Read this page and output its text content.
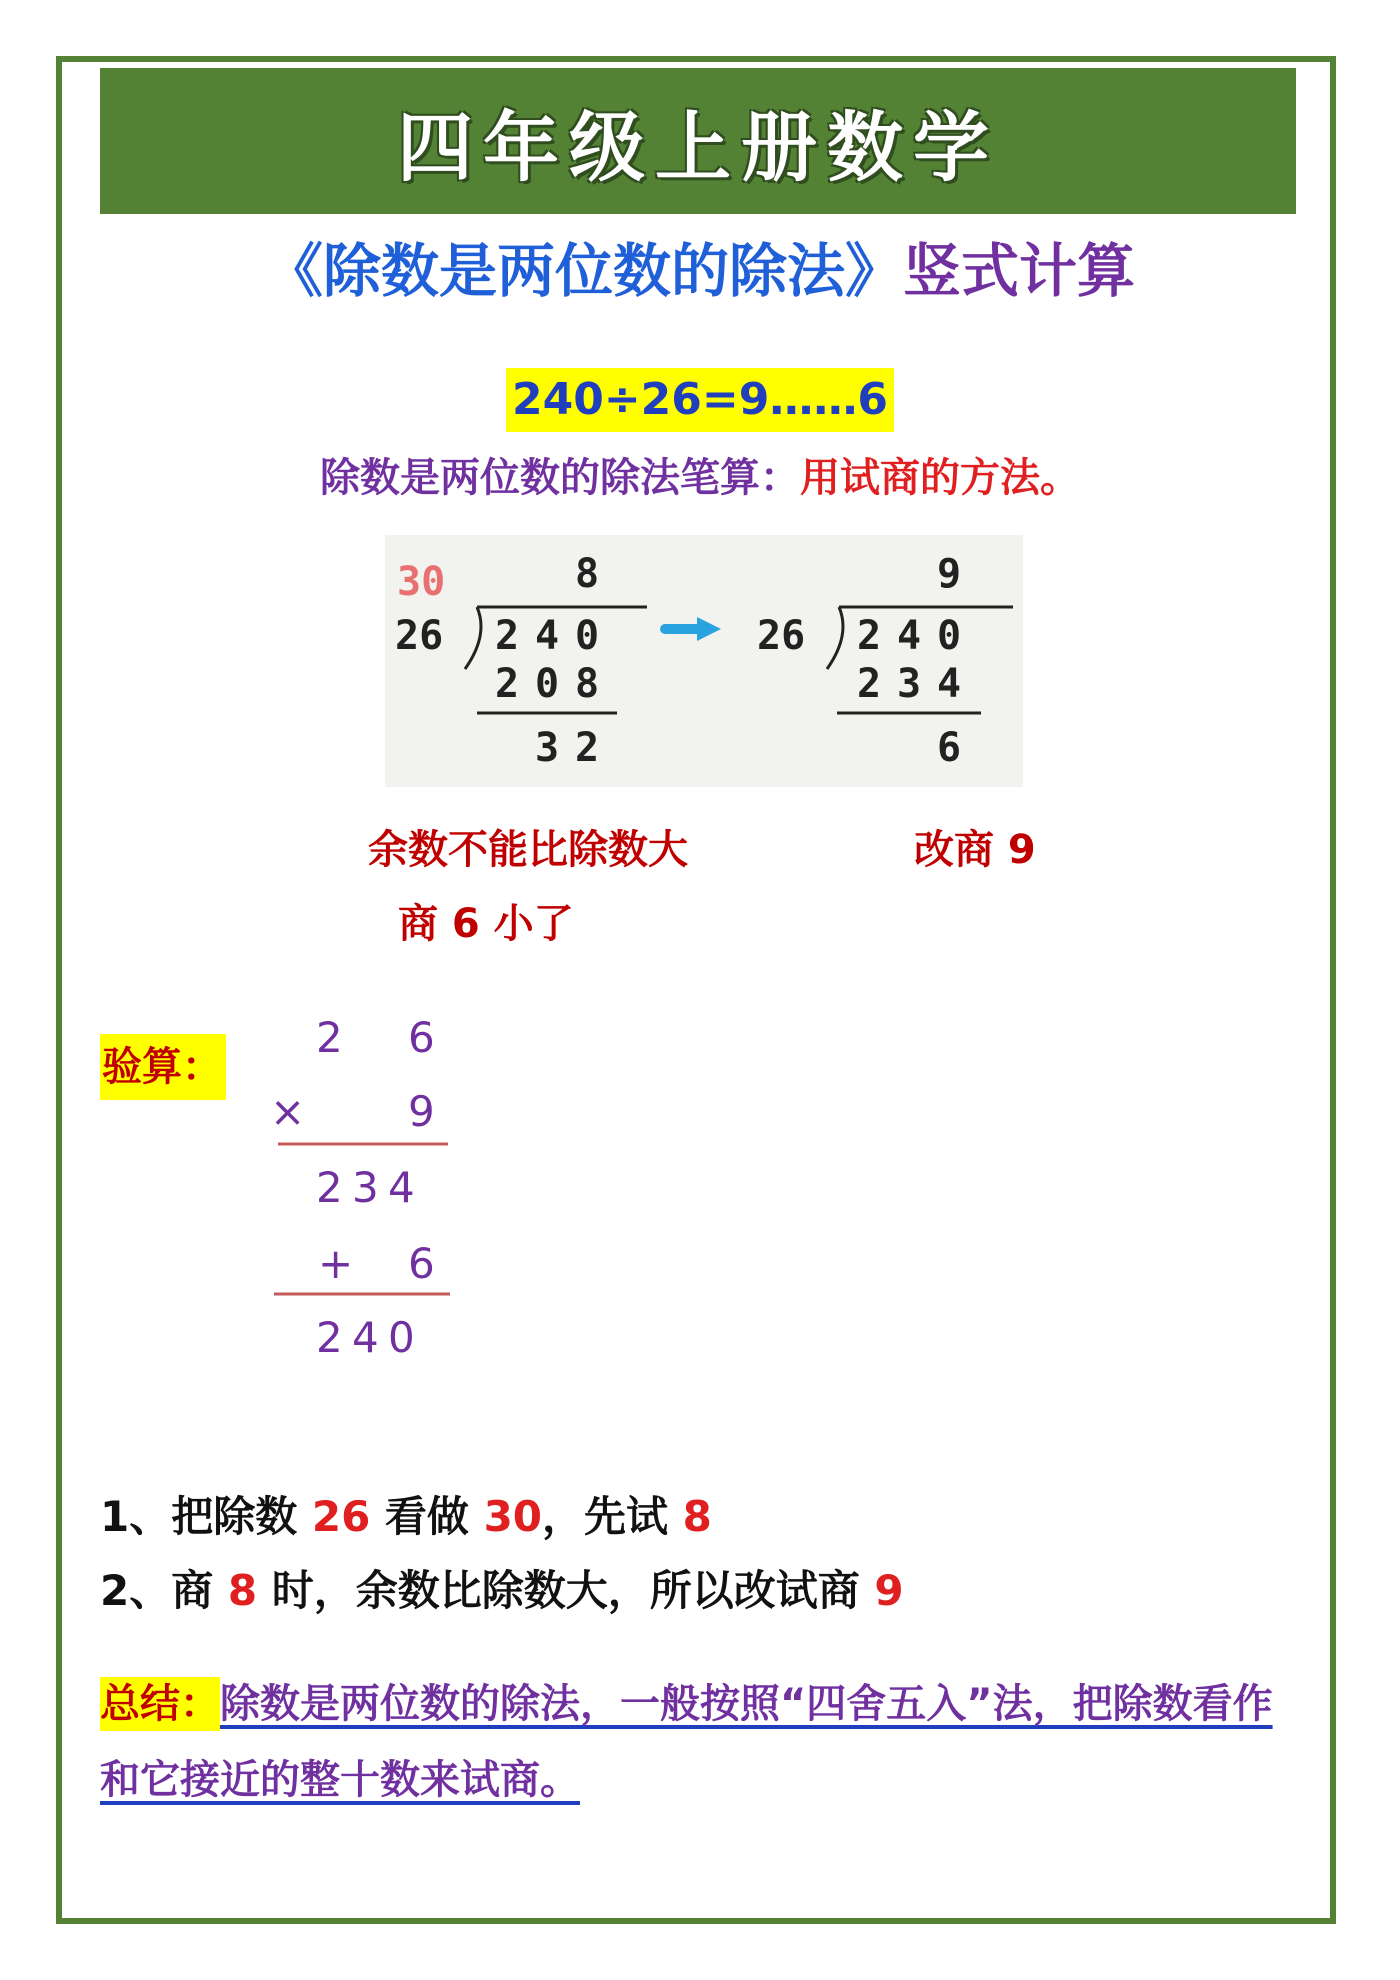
四年级上册数学
《除数是两位数的除法》竖式计算
240÷26=9……6
除数是两位数的除法笔算：用试商的方法。
30	8
26 2 4 0
2 0 8
3 2
9
26 2 4 0
2 3 4
6
余数不能比除数大	改商 9
商 6 小了
验算：
2 6
× 9
2 3 4
+ 6
2 4 0
1、把除数 26 看做 30，先试 8
2、商 8 时，余数比除数大，所以改试商 9
总结：除数是两位数的除法，一般按照“四舍五入”法，把除数看作和它接近的整十数来试商。
